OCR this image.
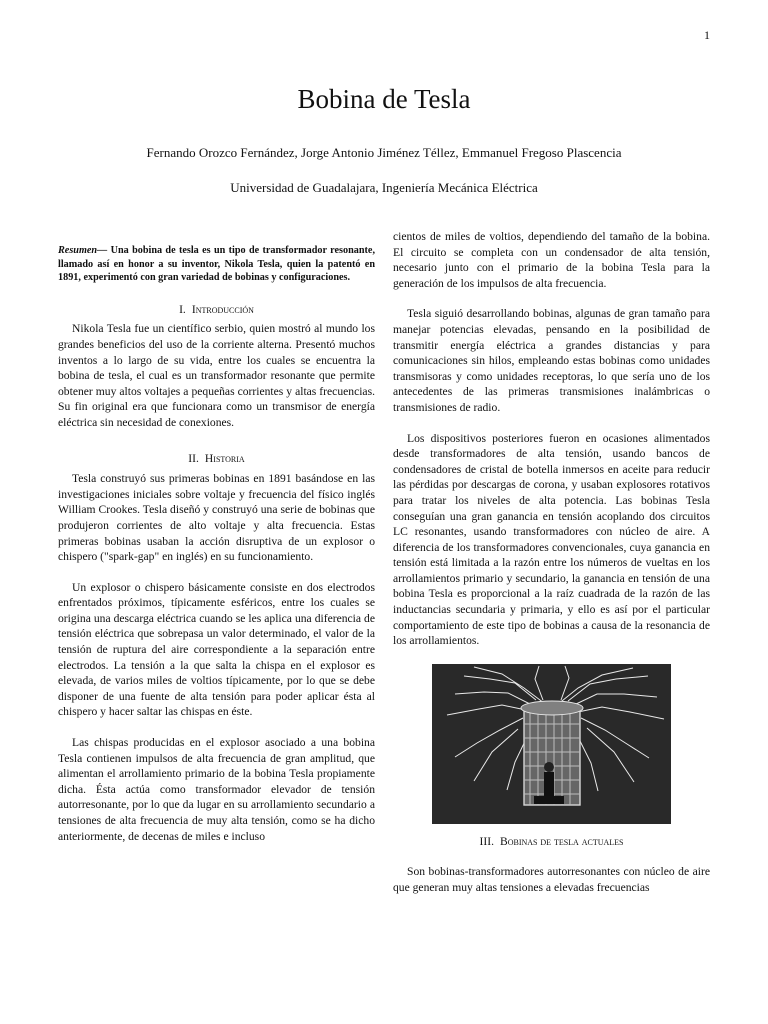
1
Bobina de Tesla
Fernando Orozco Fernández, Jorge Antonio Jiménez Téllez, Emmanuel Fregoso Plascencia
Universidad de Guadalajara, Ingeniería Mecánica Eléctrica

Resumen— Una bobina de tesla es un tipo de transformador resonante, llamado así en honor a su inventor, Nikola Tesla, quien la patentó en 1891, experimentó con gran variedad de bobinas y configuraciones.

I. Introducción

Nikola Tesla fue un científico serbio, quien mostró al mundo los grandes beneficios del uso de la corriente alterna. Presentó muchos inventos a lo largo de su vida, entre los cuales se encuentra la bobina de tesla, el cual es un transformador resonante que permite obtener muy altos voltajes a pequeñas corrientes y altas frecuencias. Su fin original era que funcionara como un transmisor de energía eléctrica sin necesidad de conexiones.

II. Historia

Tesla construyó sus primeras bobinas en 1891 basándose en las investigaciones iniciales sobre voltaje y frecuencia del físico inglés William Crookes. Tesla diseñó y construyó una serie de bobinas que produjeron corrientes de alto voltaje y alta frecuencia. Estas primeras bobinas usaban la acción disruptiva de un explosor o chispero ("spark-gap" en inglés) en su funcionamiento.

Un explosor o chispero básicamente consiste en dos electrodos enfrentados próximos, típicamente esféricos, entre los cuales se origina una descarga eléctrica cuando se les aplica una diferencia de tensión eléctrica que sobrepasa un valor determinado, el valor de la tensión de ruptura del aire correspondiente a la separación entre electrodos. La tensión a la que salta la chispa en el explosor es elevada, de varios miles de voltios típicamente, por lo que se debe disponer de una fuente de alta tensión para poder aplicar ésta al chispero y hacer saltar las chispas en éste.

Las chispas producidas en el explosor asociado a una bobina Tesla contienen impulsos de alta frecuencia de gran amplitud, que alimentan el arrollamiento primario de la bobina Tesla propiamente dicha. Ésta actúa como transformador elevador de tensión autorresonante, por lo que da lugar en su arrollamiento secundario a tensiones de alta frecuencia de muy alta tensión, como se ha dicho anteriormente, de decenas de miles e incluso

cientos de miles de voltios, dependiendo del tamaño de la bobina. El circuito se completa con un condensador de alta tensión, necesario junto con el primario de la bobina Tesla para la generación de los impulsos de alta frecuencia.

Tesla siguió desarrollando bobinas, algunas de gran tamaño para manejar potencias elevadas, pensando en la posibilidad de transmitir energía eléctrica a grandes distancias y para comunicaciones sin hilos, empleando estas bobinas como unidades transmisoras y como unidades receptoras, lo que sería uno de los antecedentes de las primeras transmisiones inalámbricas o transmisiones de radio.

Los dispositivos posteriores fueron en ocasiones alimentados desde transformadores de alta tensión, usando bancos de condensadores de cristal de botella inmersos en aceite para reducir las pérdidas por descargas de corona, y usaban explosores rotativos para tratar los niveles de alta potencia. Las bobinas Tesla conseguían una gran ganancia en tensión acoplando dos circuitos LC resonantes, usando transformadores con núcleo de aire. A diferencia de los transformadores convencionales, cuya ganancia en tensión está limitada a la razón entre los números de vueltas en los arrollamientos primario y secundario, la ganancia en tensión de una bobina Tesla es proporcional a la raíz cuadrada de la razón de las inductancias secundaria y primaria, y ello es así por el particular comportamiento de este tipo de bobinas a causa de la resonancia de los arrollamientos.

III. Bobinas de tesla actuales

Son bobinas-transformadores autorresonantes con núcleo de aire que generan muy altas tensiones a elevadas frecuencias
